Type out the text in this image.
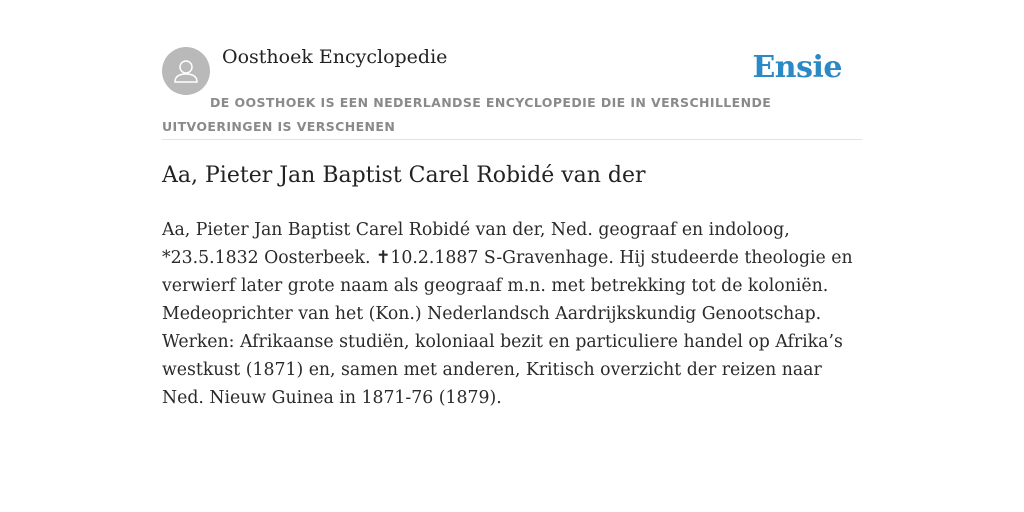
Oosthoek Encyclopedie	Ensie
DE OOSTHOEK IS EEN NEDERLANDSE ENCYCLOPEDIE DIE IN VERSCHILLENDE UITVOERINGEN IS VERSCHENEN
Aa, Pieter Jan Baptist Carel Robidé van der

Aa, Pieter Jan Baptist Carel Robidé van der, Ned. geograaf en indoloog, *23.5.1832 Oosterbeek. ✝10.2.1887 S-Gravenhage. Hij studeerde theologie en verwierf later grote naam als geograaf m.n. met betrekking tot de koloniën. Medeoprichter van het (Kon.) Nederlandsch Aardrijkskundig Genootschap. Werken: Afrikaanse studiën, koloniaal bezit en particuliere handel op Afrika’s westkust (1871) en, samen met anderen, Kritisch overzicht der reizen naar Ned. Nieuw Guinea in 1871-76 (1879).
